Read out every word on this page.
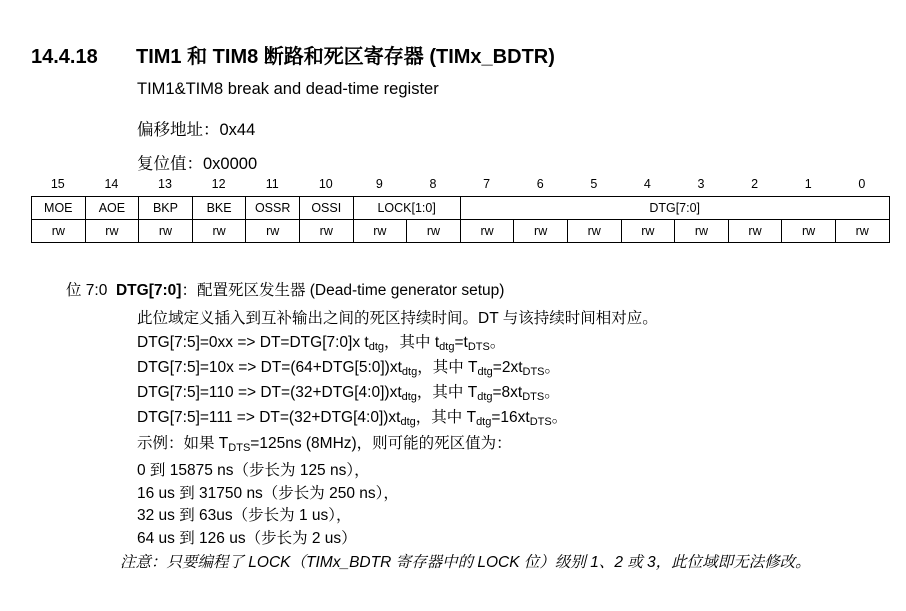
14.4.18 TIM1 和 TIM8 断路和死区寄存器 (TIMx_BDTR)
TIM1&TIM8 break and dead-time register
偏移地址：0x44
复位值：0x0000
15	14	13	12	11	10	9	8	7	6	5	4	3	2	1	0
MOE	AOE	BKP	BKE	OSSR	OSSI	LOCK[1:0]		DTG[7:0]							
rw	rw	rw	rw	rw	rw	rw	rw	rw	rw	rw	rw	rw	rw	rw	rw
位 7:0 DTG[7:0]：配置死区发生器 (Dead-time generator setup)
此位域定义插入到互补输出之间的死区持续时间。DT 与该持续时间相对应。
DTG[7:5]=0xx => DT=DTG[7:0]x $t_{dtg}$，其中 $t_{dtg}=t_{DTS}$。
DTG[7:5]=10x => $DT=(64+DTG[5:0])xt_{dtg}$，其中 $T_{dtg}=2xt_{DTS}$。
DTG[7:5]=110 => $DT=(32+DTG[4:0])xt_{dtg}$，其中 $T_{dtg}=8xt_{DTS}$。
DTG[7:5]=111 => $DT=(32+DTG[4:0])xt_{dtg}$，其中 $T_{dtg}=16xt_{DTS}$。
示例：如果 $T_{DTS}=125ns$ (8MHz)，则可能的死区值为：
0 到 15875 ns（步长为 125 ns），
16 us 到 31750 ns（步长为 250 ns），
32 us 到 63us（步长为 1 us），
64 us 到 126 us（步长为 2 us）
注意：只要编程了 LOCK（TIMx_BDTR 寄存器中的 LOCK 位）级别 1、2 或 3，此位域即无法修改。
